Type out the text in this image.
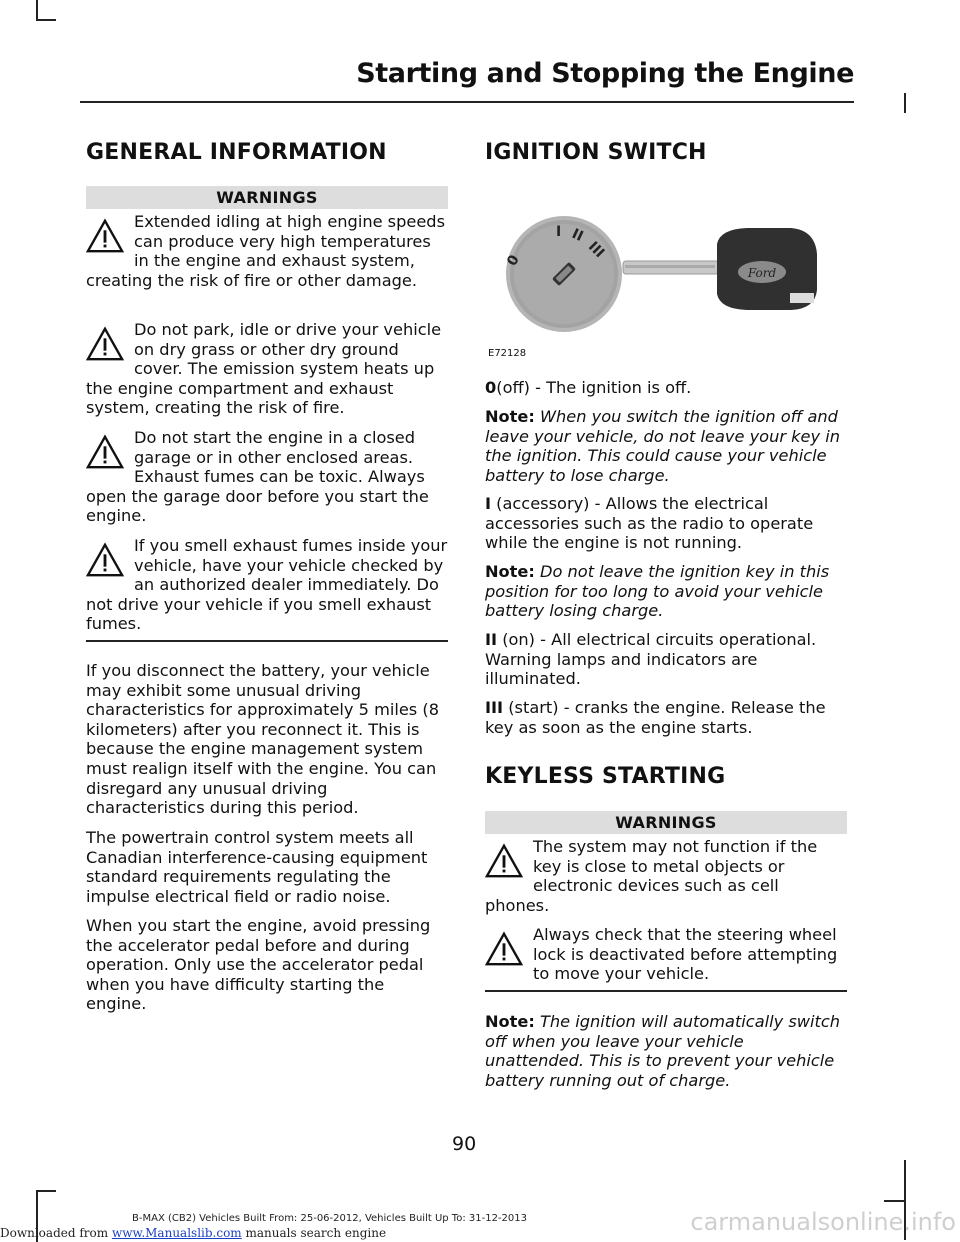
Starting and Stopping the Engine
GENERAL INFORMATION
WARNINGS
Extended idling at high engine speeds can produce very high temperatures in the engine and exhaust system, creating the risk of fire or other damage.
Do not park, idle or drive your vehicle on dry grass or other dry ground cover. The emission system heats up the engine compartment and exhaust system, creating the risk of fire.
Do not start the engine in a closed garage or in other enclosed areas. Exhaust fumes can be toxic. Always open the garage door before you start the engine.
If you smell exhaust fumes inside your vehicle, have your vehicle checked by an authorized dealer immediately. Do not drive your vehicle if you smell exhaust fumes.
If you disconnect the battery, your vehicle may exhibit some unusual driving characteristics for approximately 5 miles (8 kilometers) after you reconnect it. This is because the engine management system must realign itself with the engine. You can disregard any unusual driving characteristics during this period.
The powertrain control system meets all Canadian interference-causing equipment standard requirements regulating the impulse electrical field or radio noise.
When you start the engine, avoid pressing the accelerator pedal before and during operation. Only use the accelerator pedal when you have difficulty starting the engine.
IGNITION SWITCH
0
I II
III
Ford
E72128
0(off) - The ignition is off.
Note: When you switch the ignition off and leave your vehicle, do not leave your key in the ignition. This could cause your vehicle battery to lose charge.
I (accessory) - Allows the electrical accessories such as the radio to operate while the engine is not running.
Note: Do not leave the ignition key in this position for too long to avoid your vehicle battery losing charge.
II (on) - All electrical circuits operational. Warning lamps and indicators are illuminated.
III (start) - cranks the engine. Release the key as soon as the engine starts.
KEYLESS STARTING
WARNINGS
The system may not function if the key is close to metal objects or electronic devices such as cell phones.
Always check that the steering wheel lock is deactivated before attempting to move your vehicle.
Note: The ignition will automatically switch off when you leave your vehicle unattended. This is to prevent your vehicle battery running out of charge.
90
B-MAX (CB2) Vehicles Built From: 25-06-2012, Vehicles Built Up To: 31-12-2013
Downloaded from www.Manualslib.com manuals search engine	carmanualsonline.info
